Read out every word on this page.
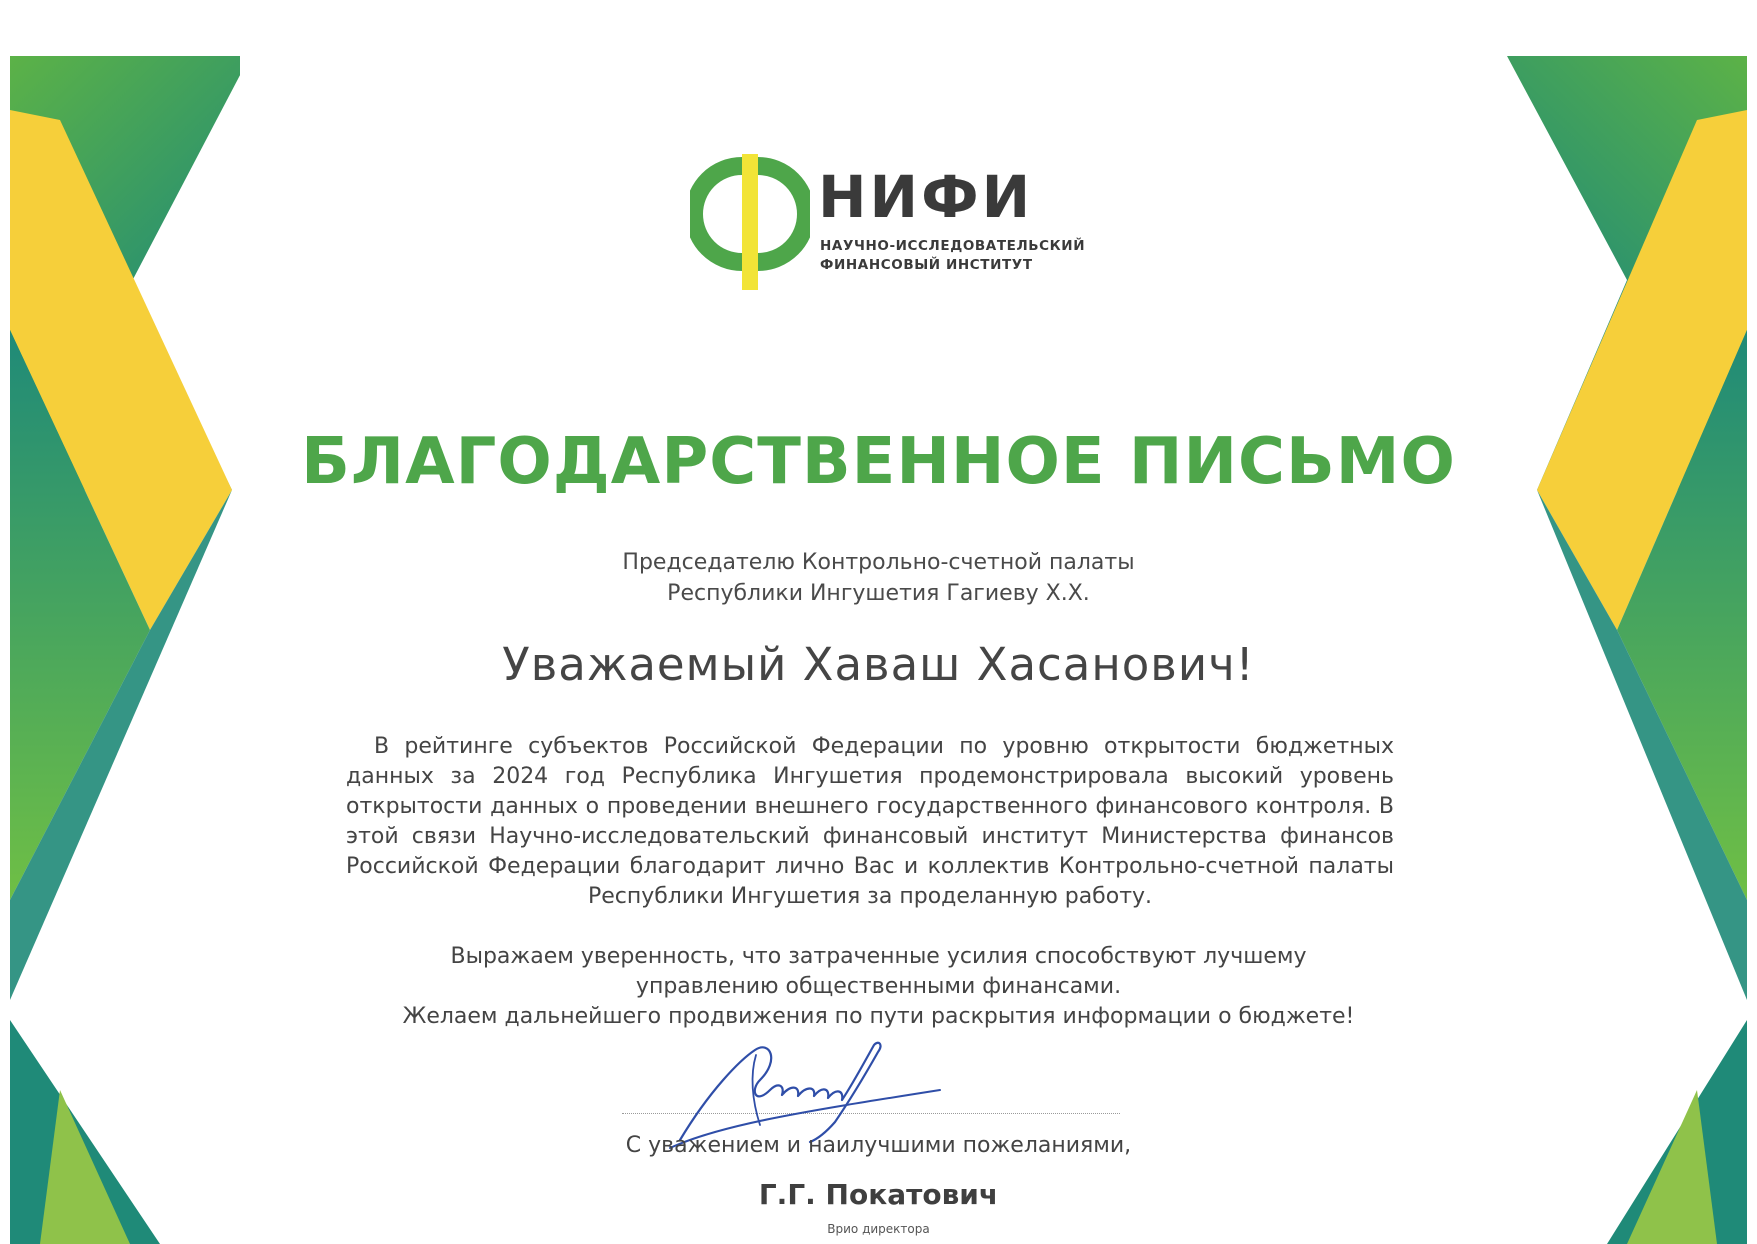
НИФИ
НАУЧНО-ИССЛЕДОВАТЕЛЬСКИЙ
ФИНАНСОВЫЙ ИНСТИТУТ
БЛАГОДАРСТВЕННОЕ ПИСЬМО
Председателю Контрольно-счетной палаты
Республики Ингушетия Гагиеву Х.Х.
Уважаемый Хаваш Хасанович!
В рейтинге субъектов Российской Федерации по уровню открытости бюджетных данных за 2024 год Республика Ингушетия продемонстрировала высокий уровень открытости данных о проведении внешнего государственного финансового контроля. В этой связи Научно-исследовательский финансовый институт Министерства финансов Российской Федерации благодарит лично Вас и коллектив Контрольно-счетной палаты Республики Ингушетия за проделанную работу.
Выражаем уверенность, что затраченные усилия способствуют лучшему
управлению общественными финансами.
Желаем дальнейшего продвижения по пути раскрытия информации о бюджете!
С уважением и наилучшими пожеланиями,
Г.Г. Покатович
Врио директора
